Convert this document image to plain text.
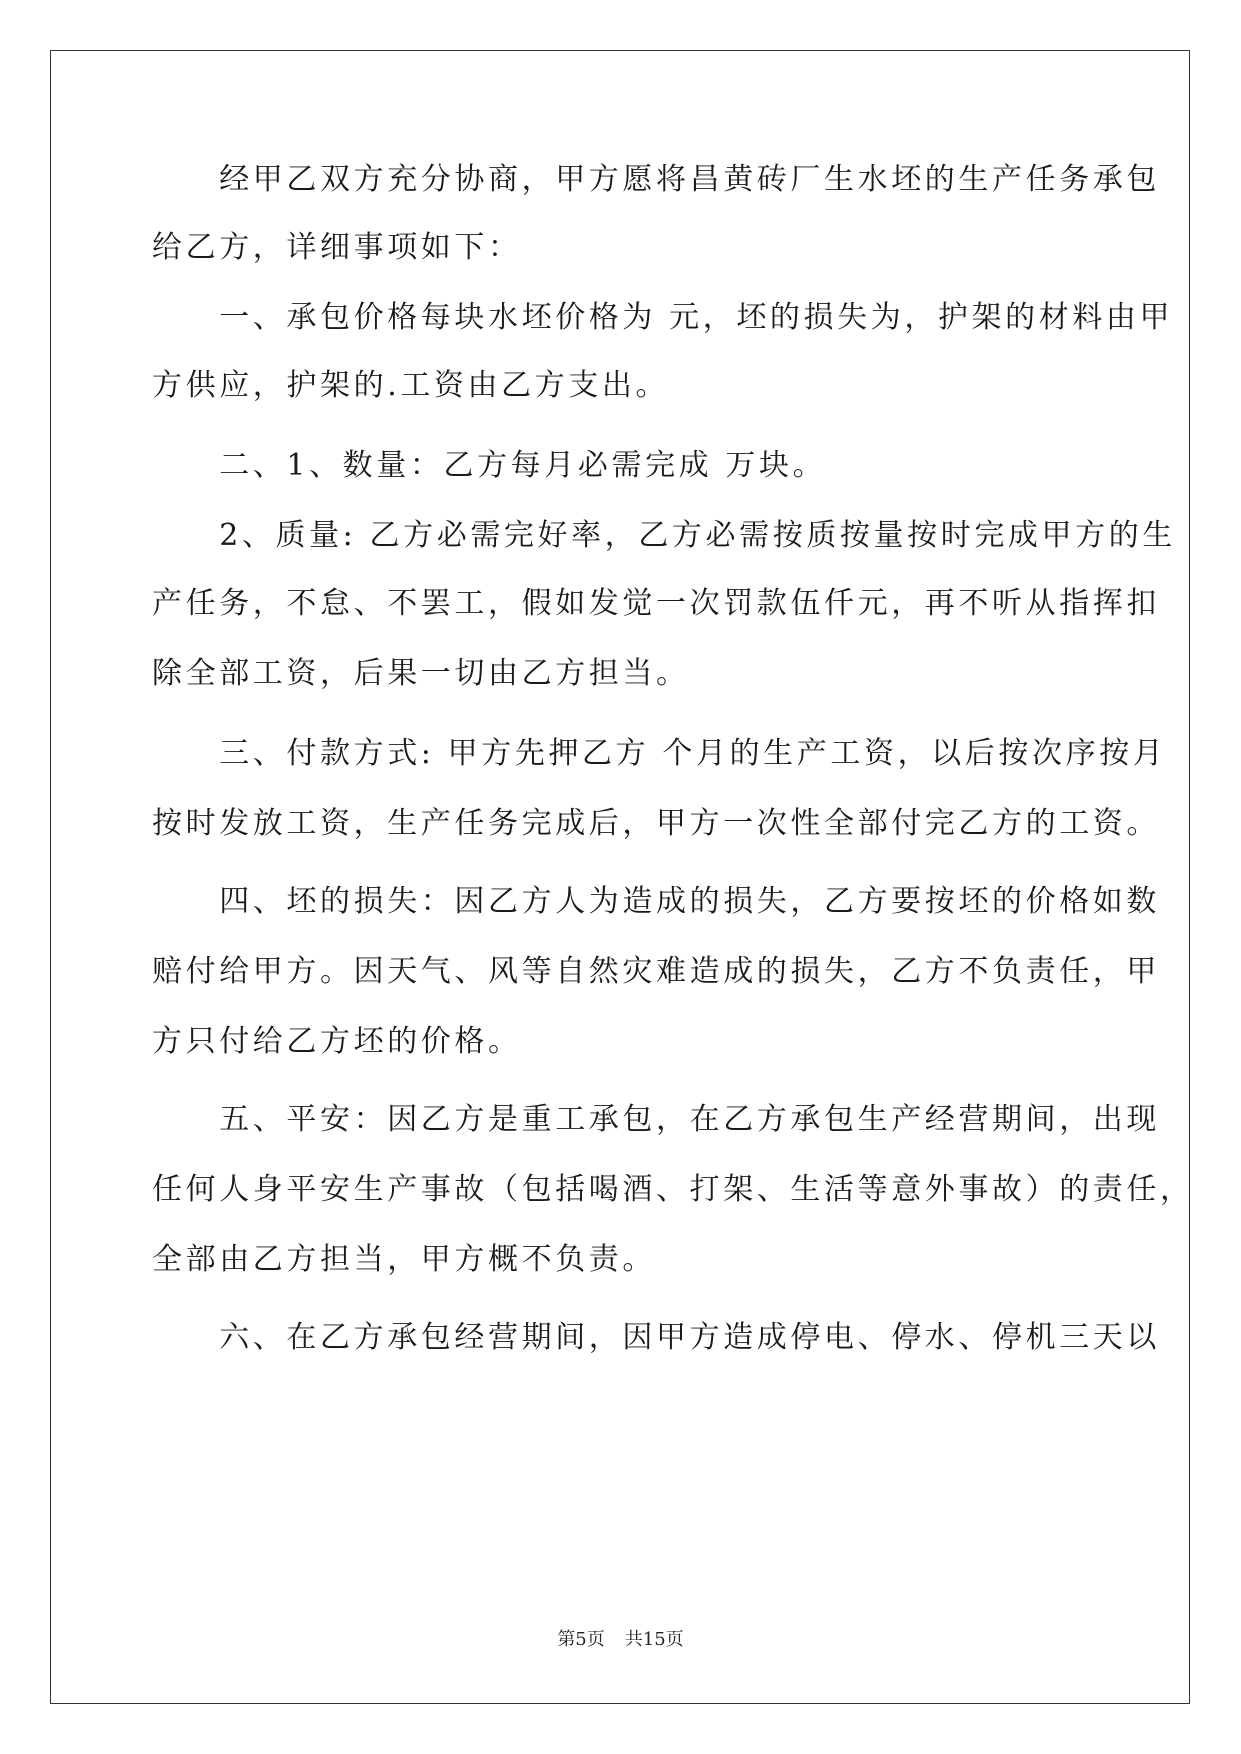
　　经甲乙双方充分协商，甲方愿将昌黄砖厂生水坯的生产任务承包
给乙方，详细事项如下：
　　一、承包价格每块水坯价格为 元，坯的损失为，护架的材料由甲
方供应，护架的.工资由乙方支出。
　　二、1、数量：乙方每月必需完成 万块。
　　2、质量: 乙方必需完好率，乙方必需按质按量按时完成甲方的生
产任务，不怠、不罢工，假如发觉一次罚款伍仟元，再不听从指挥扣
除全部工资，后果一切由乙方担当。
　　三、付款方式: 甲方先押乙方 个月的生产工资，以后按次序按月
按时发放工资，生产任务完成后，甲方一次性全部付完乙方的工资。
　　四、坯的损失：因乙方人为造成的损失，乙方要按坯的价格如数
赔付给甲方。因天气、风等自然灾难造成的损失，乙方不负责任，甲
方只付给乙方坯的价格。
　　五、平安：因乙方是重工承包，在乙方承包生产经营期间，出现
任何人身平安生产事故（包括喝酒、打架、生活等意外事故）的责任，
全部由乙方担当，甲方概不负责。
　　六、在乙方承包经营期间，因甲方造成停电、停水、停机三天以
第5页 共15页
